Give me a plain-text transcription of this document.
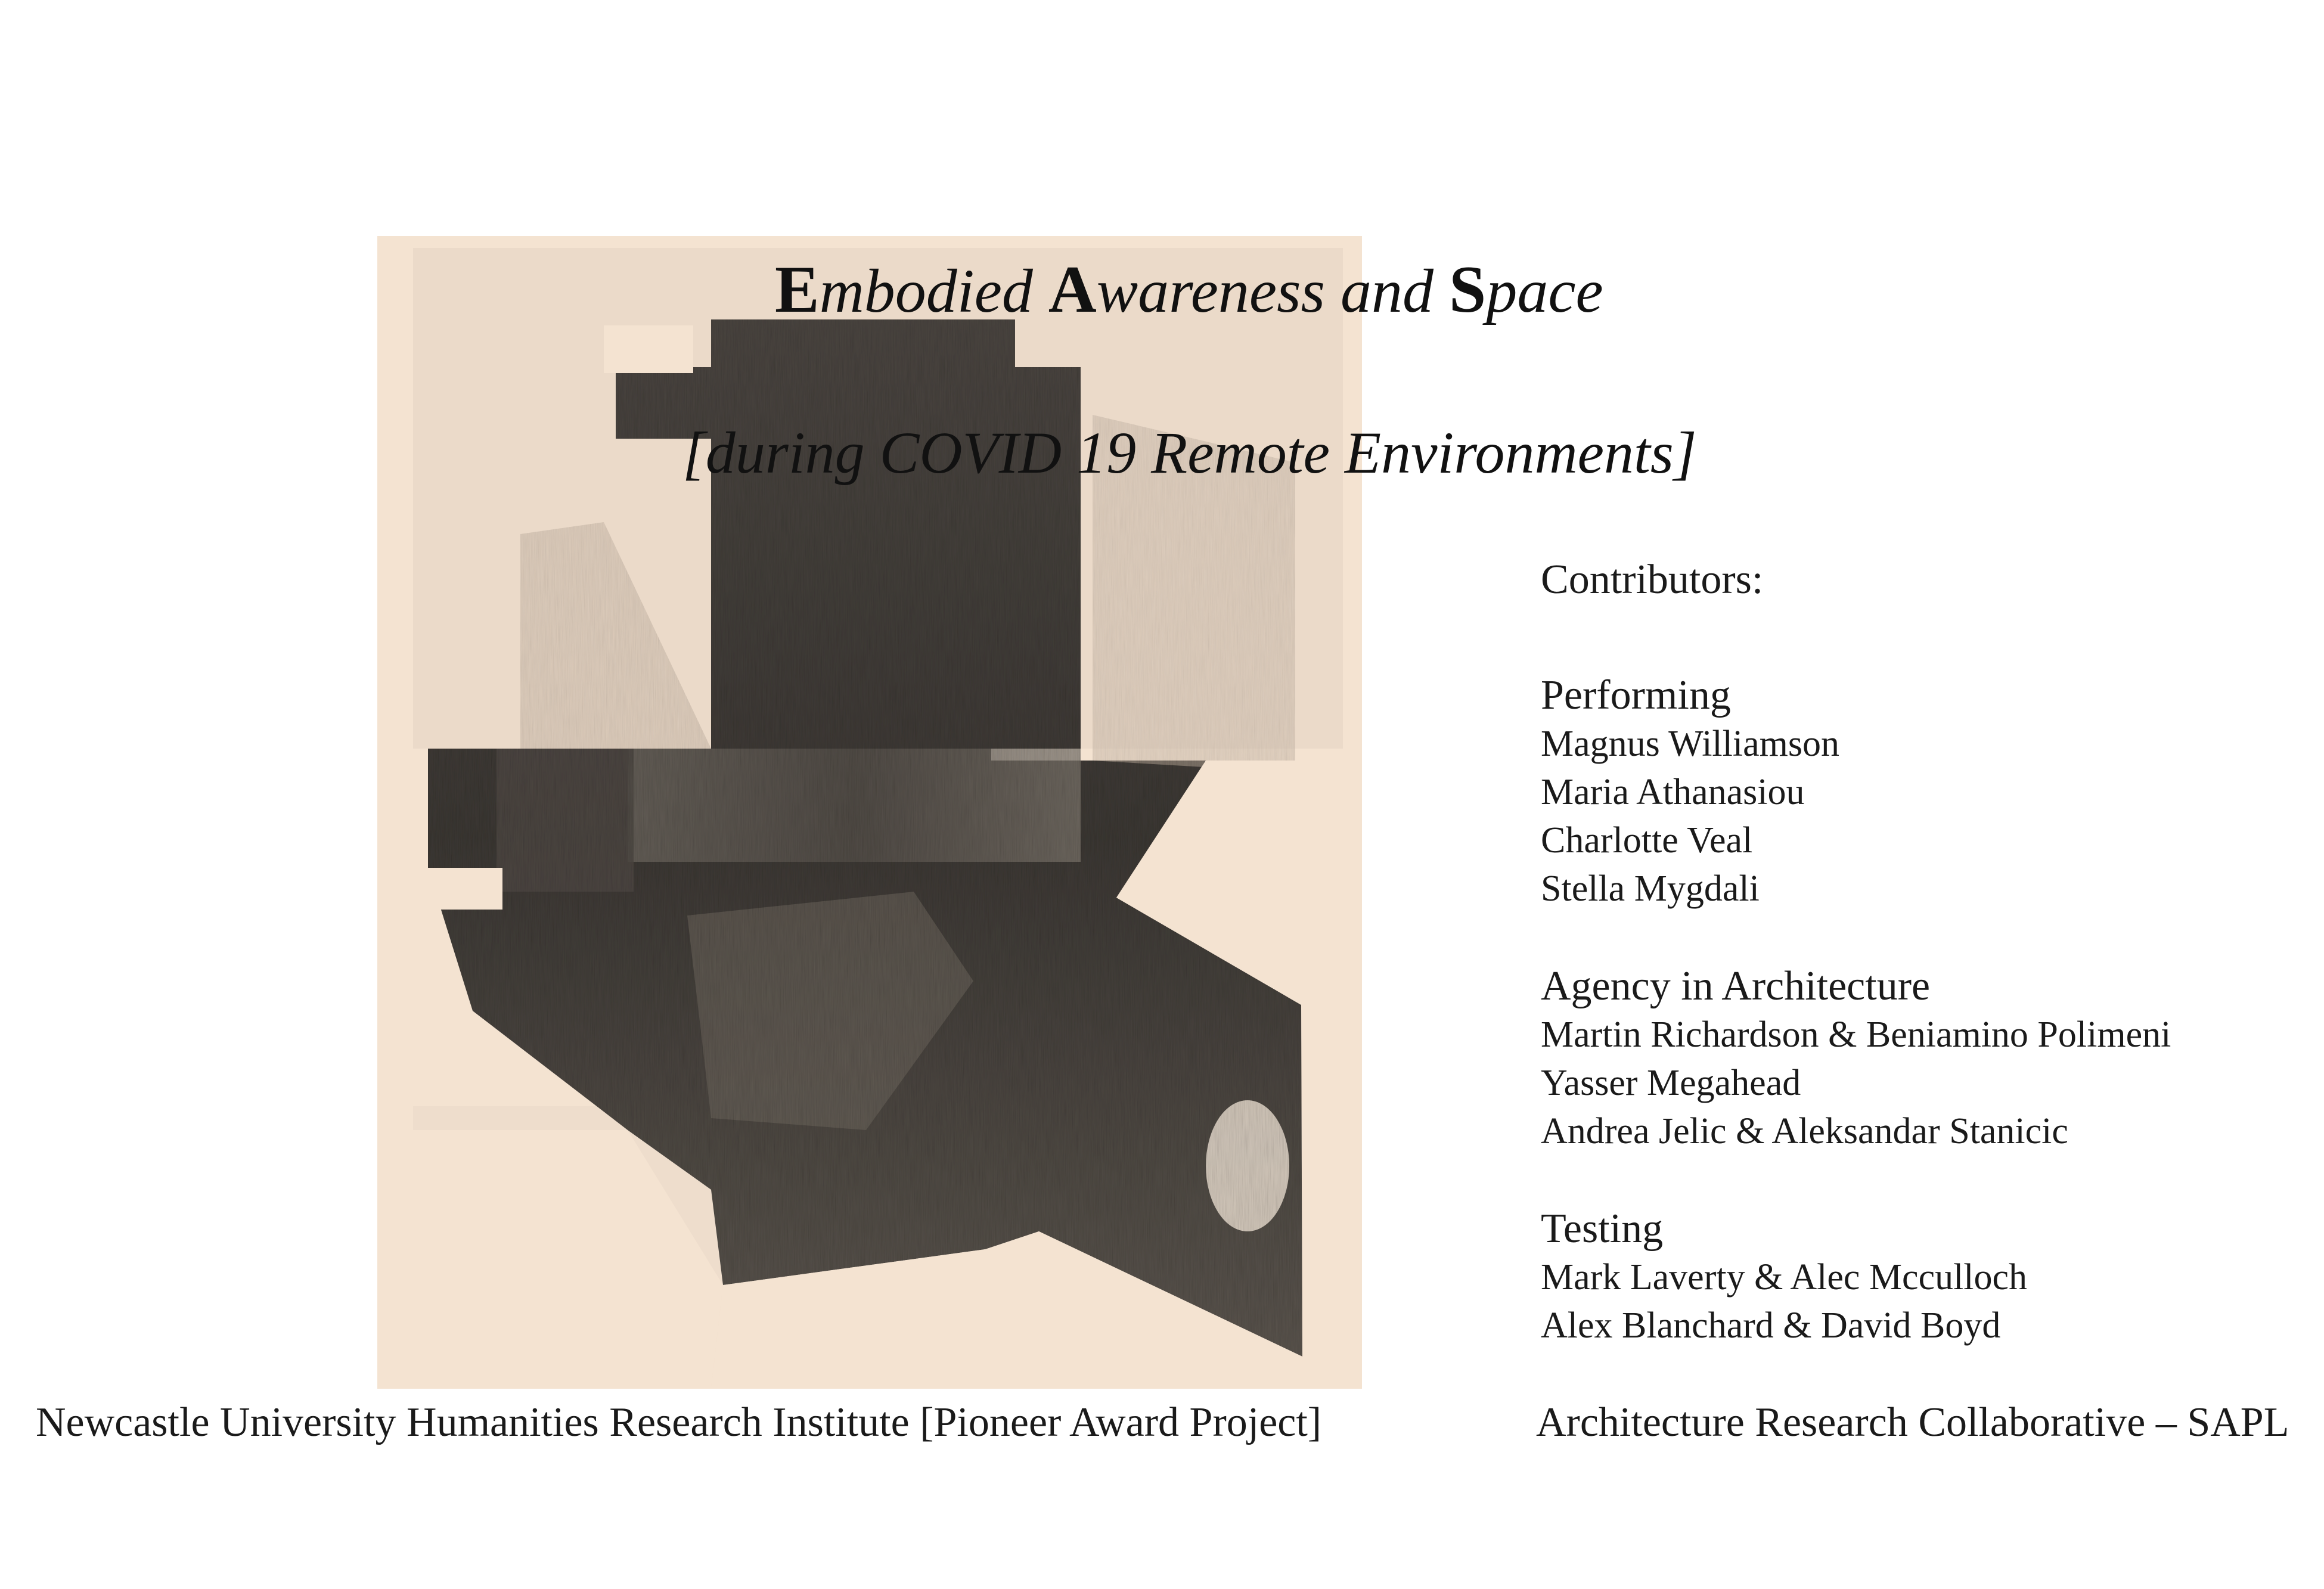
Embodied Awareness and Space
[during COVID 19 Remote Environments]
Contributors:
Performing
Magnus Williamson
Maria Athanasiou
Charlotte Veal
Stella Mygdali
Agency in Architecture
Martin Richardson & Beniamino Polimeni
Yasser Megahead
Andrea Jelic & Aleksandar Stanicic
Testing
Mark Laverty & Alec Mcculloch
Alex Blanchard & David Boyd
Newcastle University Humanities Research Institute [Pioneer Award Project]	Architecture Research Collaborative – SAPL
